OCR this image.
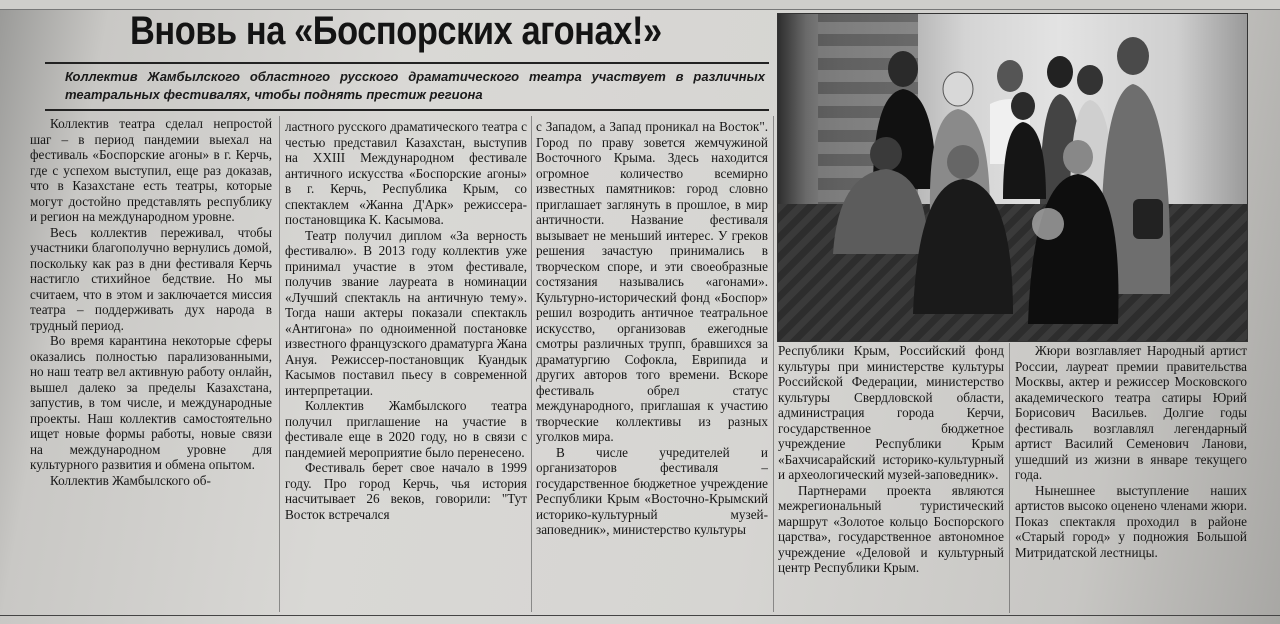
Вновь на «Боспорских агонах!»
Коллектив Жамбылского областного русского драматического театра участвует в различных театральных фестивалях, чтобы поднять престиж региона

Коллектив театра сделал непростой шаг – в период пандемии выехал на фестиваль «Боспорские агоны» в г. Керчь, где с успехом выступил, еще раз доказав, что в Казахстане есть театры, которые могут достойно представлять республику и регион на международном уровне.

Весь коллектив переживал, чтобы участники благополучно вернулись домой, поскольку как раз в дни фестиваля Керчь настигло стихийное бедствие. Но мы считаем, что в этом и заключается миссия театра – поддерживать дух народа в трудный период.

Во время карантина некоторые сферы оказались полностью парализованными, но наш театр вел активную работу онлайн, вышел далеко за пределы Казахстана, запустив, в том числе, и международные проекты. Наш коллектив самостоятельно ищет новые формы работы, новые связи на международном уровне для культурного развития и обмена опытом.

Коллектив Жамбылского об-

ластного русского драматического театра с честью представил Казахстан, выступив на XXIII Международном фестивале античного искусства «Боспорские агоны» в г. Керчь, Республика Крым, со спектаклем «Жанна Д'Арк» режиссера-постановщика К. Касымова.

Театр получил диплом «За верность фестивалю». В 2013 году коллектив уже принимал участие в этом фестивале, получив звание лауреата в номинации «Лучший спектакль на античную тему». Тогда наши актеры показали спектакль «Антигона» по одноименной постановке известного французского драматурга Жана Ануя. Режиссер-постановщик Куандык Касымов поставил пьесу в современной интерпретации.

Коллектив Жамбылского театра получил приглашение на участие в фестивале еще в 2020 году, но в связи с пандемией мероприятие было перенесено.

Фестиваль берет свое начало в 1999 году. Про город Керчь, чья история насчитывает 26 веков, говорили: "Тут Восток встречался

с Западом, а Запад проникал на Восток". Город по праву зовется жемчужиной Восточного Крыма. Здесь находится огромное количество всемирно известных памятников: город словно приглашает заглянуть в прошлое, в мир античности. Название фестиваля вызывает не меньший интерес. У греков решения зачастую принимались в творческом споре, и эти своеобразные состязания назывались «агонами». Культурно-исторический фонд «Боспор» решил возродить античное театральное искусство, организовав ежегодные смотры различных трупп, бравшихся за драматургию Софокла, Еврипида и других авторов того времени. Вскоре фестиваль обрел статус международного, приглашая к участию творческие коллективы из разных уголков мира.

В числе учредителей и организаторов фестиваля – государственное бюджетное учреждение Республики Крым «Восточно-Крымский историко-культурный музей-заповедник», министерство культуры

Республики Крым, Российский фонд культуры при министерстве культуры Российской Федерации, министерство культуры Свердловской области, администрация города Керчи, государственное бюджетное учреждение Республики Крым «Бахчисарайский историко-культурный и археологический музей-заповедник».

Партнерами проекта являются межрегиональный туристический маршрут «Золотое кольцо Боспорского царства», государственное автономное учреждение «Деловой и культурный центр Республики Крым.

Жюри возглавляет Народный артист России, лауреат премии правительства Москвы, актер и режиссер Московского академического театра сатиры Юрий Борисович Васильев. Долгие годы фестиваль возглавлял легендарный артист Василий Семенович Ланови, ушедший из жизни в январе текущего года.

Нынешнее выступление наших артистов высоко оценено членами жюри. Показ спектакля проходил в районе «Старый город» у подножия Большой Митридатской лестницы.
